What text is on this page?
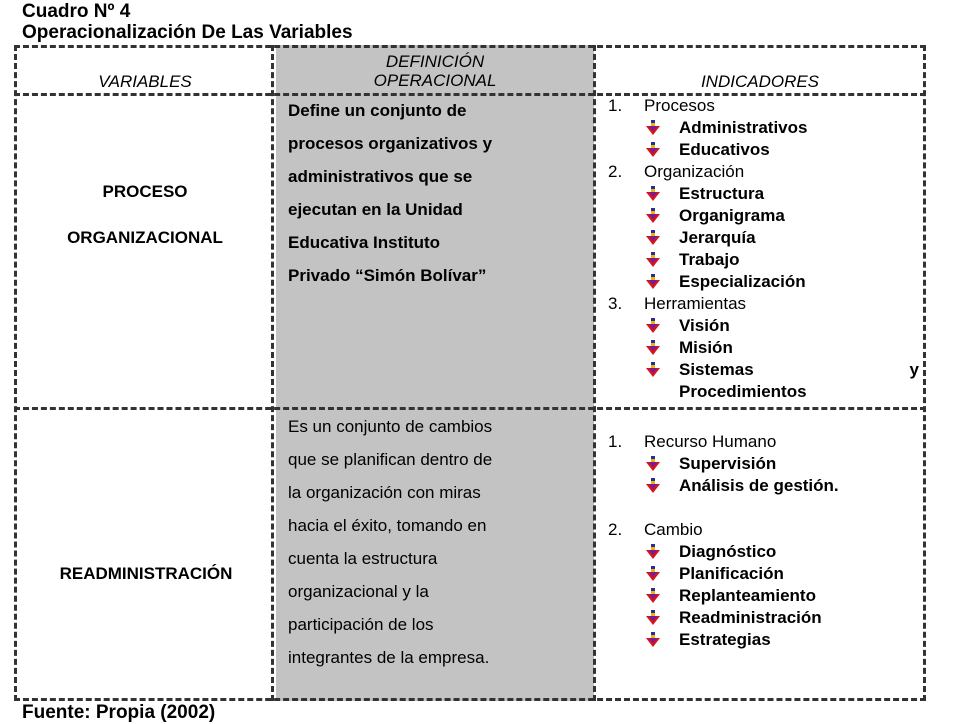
Cuadro Nº 4
Operacionalización De Las Variables
VARIABLES
DEFINICIÓN
OPERACIONAL	INDICADORES
PROCESO
ORGANIZACIONAL
READMINISTRACIÓN
Define un conjunto de
procesos organizativos y
administrativos que se
ejecutan en la Unidad
Educativa Instituto
Privado “Simón Bolívar”
Es un conjunto de cambios
que se planifican dentro de
la organización con miras
hacia el éxito, tomando en
cuenta la estructura
organizacional y la
participación de los
integrantes de la empresa.
1. Procesos
Administrativos
Educativos
2. Organización
Estructura
Organigrama
Jerarquía
Trabajo
Especialización
3. Herramientas
Visión
Misión
Sistemas y
Procedimientos
1. Recurso Humano
Supervisión
Análisis de gestión.
2. Cambio
Diagnóstico
Planificación
Replanteamiento
Readministración
Estrategias
Fuente: Propia (2002)
